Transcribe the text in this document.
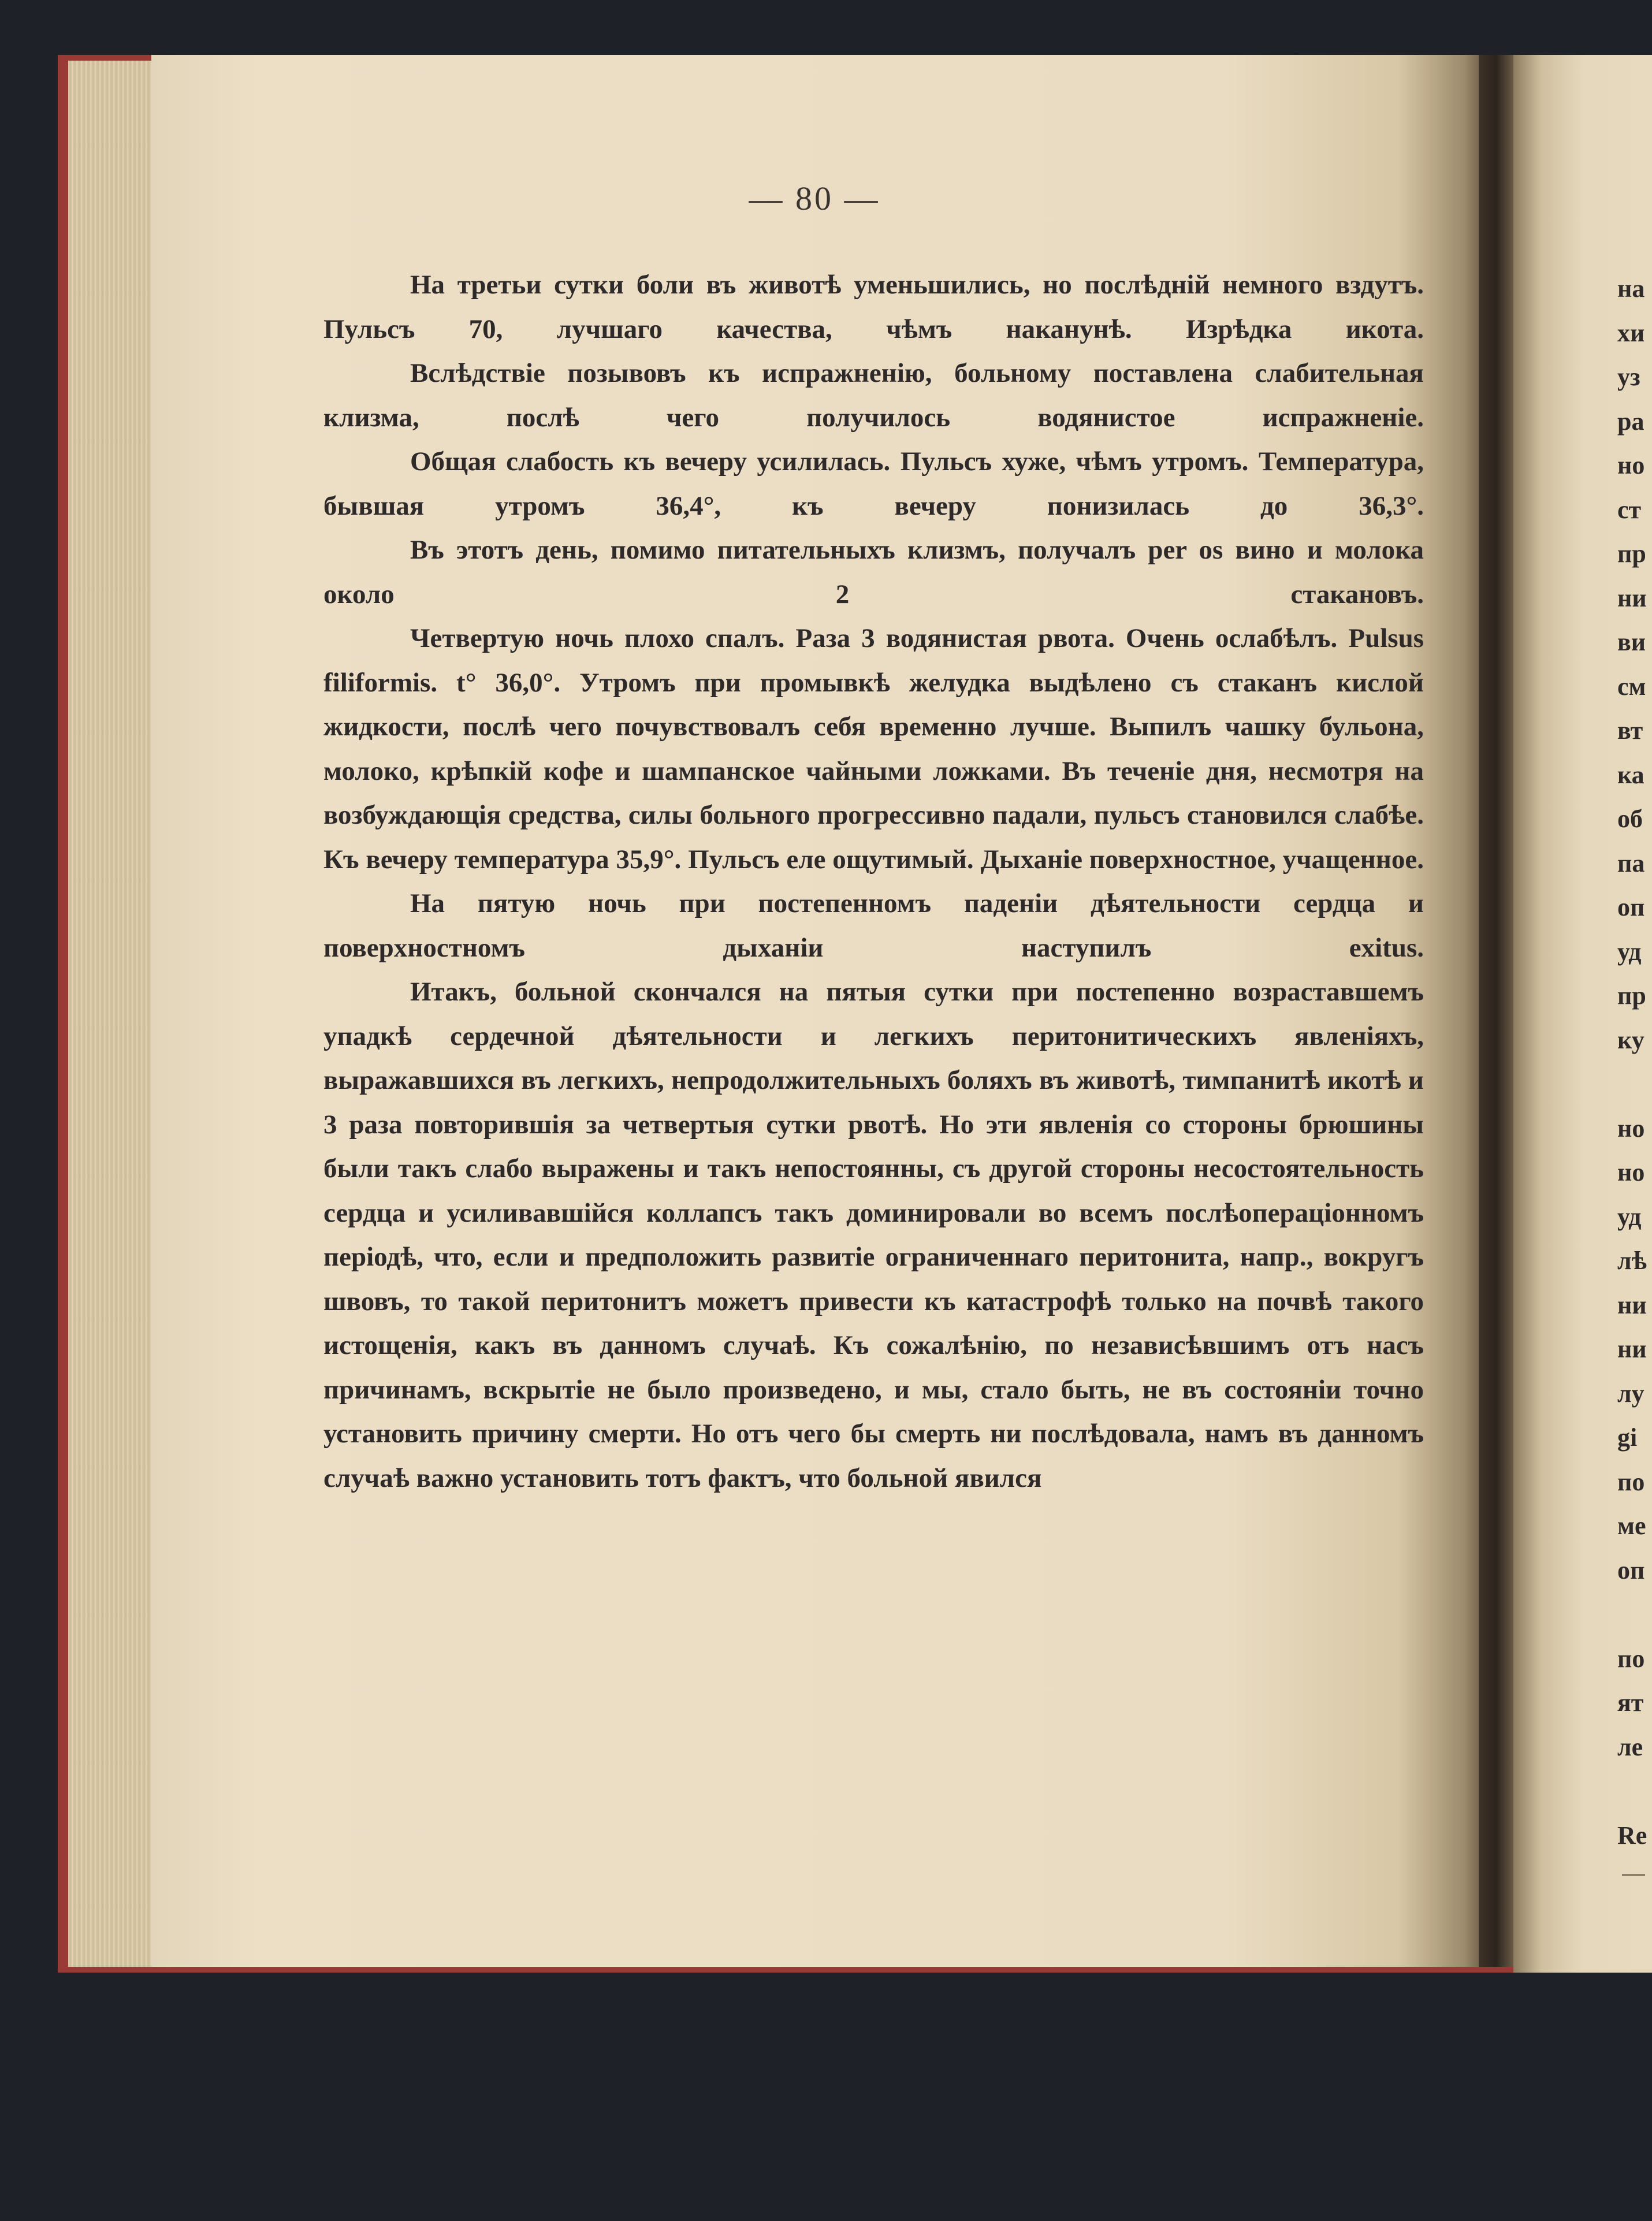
— 80 —

На третьи сутки боли въ животѣ уменьшились, но послѣднiй немного вздутъ. Пульсъ 70, лучшаго качества, чѣмъ наканунѣ. Изрѣдка икота.

Вслѣдствiе позывовъ къ испражненiю, больному поставлена слабительная клизма, послѣ чего получилось водянистое испражненiе.

Общая слабость къ вечеру усилилась. Пульсъ хуже, чѣмъ утромъ. Температура, бывшая утромъ 36,4°, къ вечеру понизилась до 36,3°.

Въ этотъ день, помимо питательныхъ клизмъ, получалъ per os вино и молока около 2 стакановъ.

Четвертую ночь плохо спалъ. Раза 3 водянистая рвота. Очень ослабѣлъ. Pulsus filiformis. t° 36,0°. Утромъ при промывкѣ желудка выдѣлено съ стаканъ кислой жидкости, послѣ чего почувствовалъ себя временно лучше. Выпилъ чашку бульона, молоко, крѣпкiй кофе и шампанское чайными ложками. Въ теченiе дня, несмотря на возбуждающiя средства, силы больного прогрессивно падали, пульсъ становился слабѣе. Къ вечеру температура 35,9°. Пульсъ еле ощутимый. Дыханiе поверхностное, учащенное.

На пятую ночь при постепенномъ паденiи дѣятельности сердца и поверхностномъ дыханiи наступилъ exitus.

Итакъ, больной скончался на пятыя сутки при постепенно возраставшемъ упадкѣ сердечной дѣятельности и легкихъ перитонитическихъ явленiяхъ, выражавшихся въ легкихъ, непродолжительныхъ боляхъ въ животѣ, тимпанитѣ икотѣ и 3 раза повторившiя за четвертыя сутки рвотѣ. Но эти явленiя со стороны брюшины были такъ слабо выражены и такъ непостоянны, съ другой стороны несостоятельность сердца и усиливавшiйся коллапсъ такъ доминировали во всемъ послѣоперацiонномъ перiодѣ, что, если и предположить развитiе ограниченнаго перитонита, напр., вокругъ швовъ, то такой перитонитъ можетъ привести къ катастрофѣ только на почвѣ такого истощенiя, какъ въ данномъ случаѣ. Къ сожалѣнiю, по независѣвшимъ отъ насъ причинамъ, вскрытiе не было произведено, и мы, стало быть, не въ состоянiи точно установить причину смерти. Но отъ чего бы смерть ни послѣдовала, намъ въ данномъ случаѣ важно установить тотъ фактъ, что больной явился

на
хи
уз
ра
но
ст
пр
ни
ви
см
вт
ка
об
па
оп
уд
пр
ку
но
но
уд
лѣ
ни
ни
лу
gi
по
ме
оп
по
ят
ле
Re
